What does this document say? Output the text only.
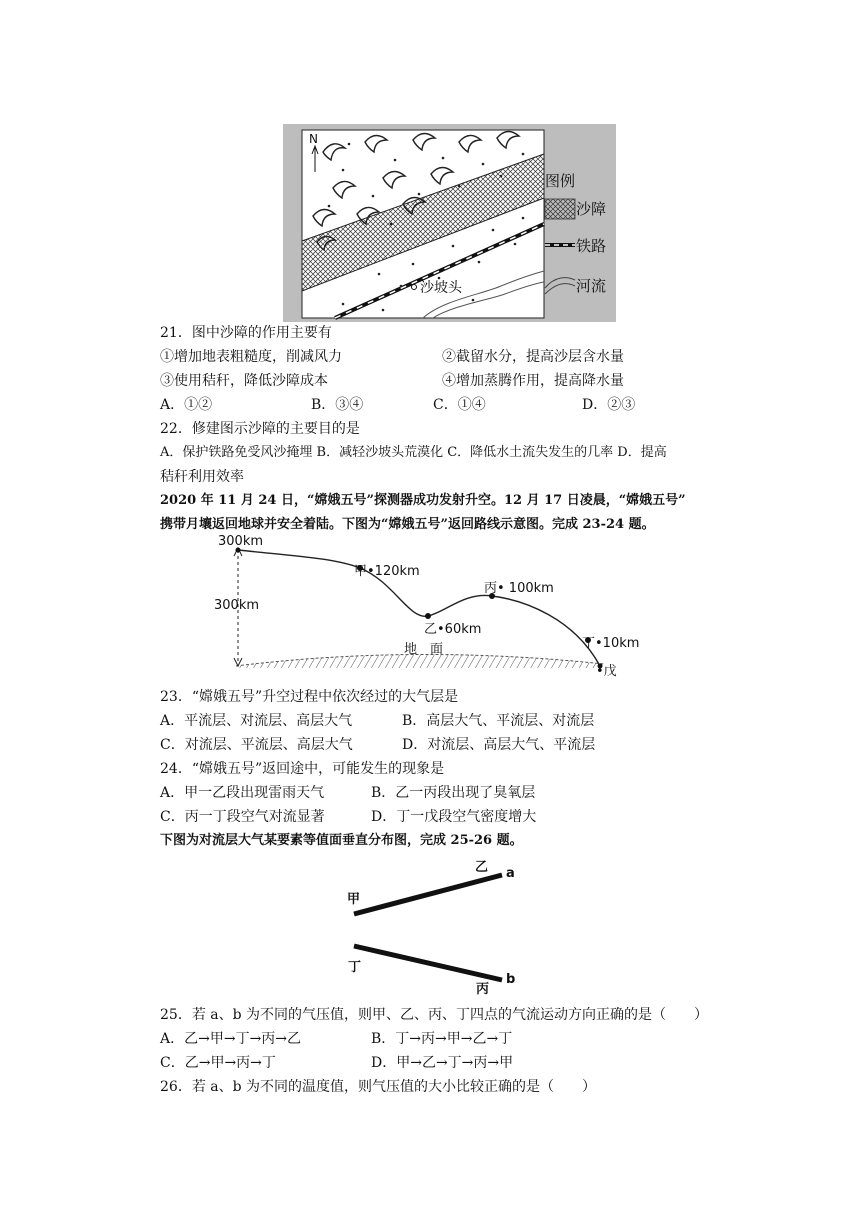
N
图例
沙障
铁路
河流
沙坡头
21．图中沙障的作用主要有
①增加地表粗糙度，削减风力	②截留水分，提高沙层含水量
③使用秸秆，降低沙障成本	④增加蒸腾作用，提高降水量
A．①②	B．③④	C．①④	D．②③
22．修建图示沙障的主要目的是
A．保护铁路免受风沙掩埋 B．减轻沙坡头荒漠化 C．降低水土流失发生的几率 D．提高
秸秆利用效率
2020 年 11 月 24 日，“嫦娥五号”探测器成功发射升空。12 月 17 日凌晨，“嫦娥五号”
携带月壤返回地球并安全着陆。下图为“嫦娥五号”返回路线示意图。完成 23-24 题。
300km
300km
甲•120km
乙•60km
丙• 100km
丁•10km
•戊
地　面
23．“嫦娥五号”升空过程中依次经过的大气层是
A．平流层、对流层、高层大气	B．高层大气、平流层、对流层
C．对流层、平流层、高层大气	D．对流层、高层大气、平流层
24．“嫦娥五号”返回途中，可能发生的现象是
A．甲一乙段出现雷雨天气	B．乙一丙段出现了臭氧层
C．丙一丁段空气对流显著	D．丁一戊段空气密度增大
下图为对流层大气某要素等值面垂直分布图，完成 25-26 题。
甲
乙 a
丁
丙
b
25．若 a、b 为不同的气压值，则甲、乙、丙、丁四点的气流运动方向正确的是（　　）
A．乙→甲→丁→丙→乙	B．丁→丙→甲→乙→丁
C．乙→甲→丙→丁	D．甲→乙→丁→丙→甲
26．若 a、b 为不同的温度值，则气压值的大小比较正确的是（　　）
